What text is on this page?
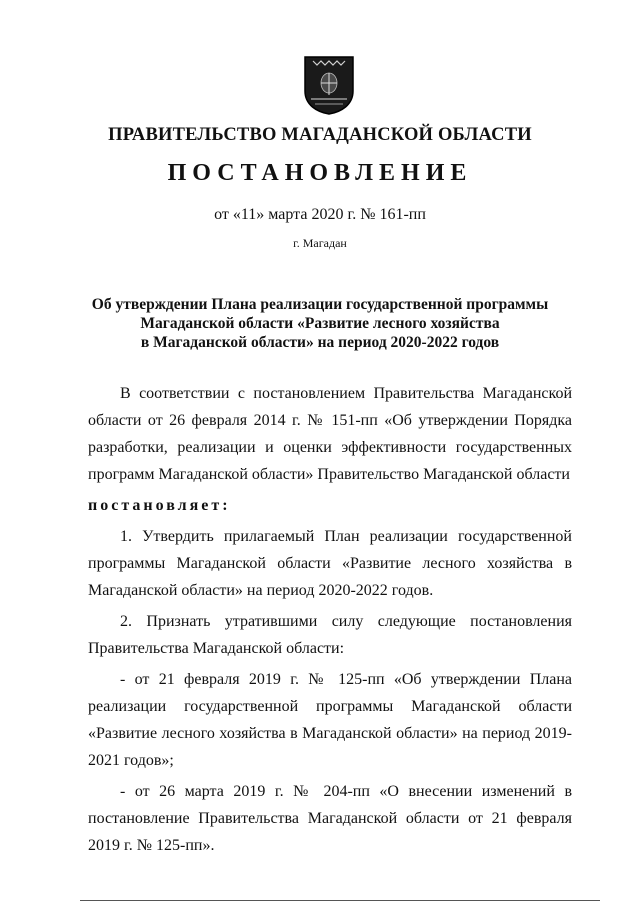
ПРАВИТЕЛЬСТВО МАГАДАНСКОЙ ОБЛАСТИ
ПОСТАНОВЛЕНИЕ
от «11» марта 2020 г. № 161-пп
г. Магадан
Об утверждении Плана реализации государственной программы
Магаданской области «Развитие лесного хозяйства
в Магаданской области» на период 2020-2022 годов

В соответствии с постановлением Правительства Магаданской области от 26 февраля 2014 г. № 151-пп «Об утверждении Порядка разработки, реализации и оценки эффективности государственных программ Магаданской области» Правительство Магаданской области

постановляет:

1. Утвердить прилагаемый План реализации государственной программы Магаданской области «Развитие лесного хозяйства в Магаданской области» на период 2020-2022 годов.

2. Признать утратившими силу следующие постановления Правительства Магаданской области:

- от 21 февраля 2019 г. № 125-пп «Об утверждении Плана реализации государственной программы Магаданской области «Развитие лесного хозяйства в Магаданской области» на период 2019-2021 годов»;

- от 26 марта 2019 г. № 204-пп «О внесении изменений в постановление Правительства Магаданской области от 21 февраля 2019 г. № 125-пп».
